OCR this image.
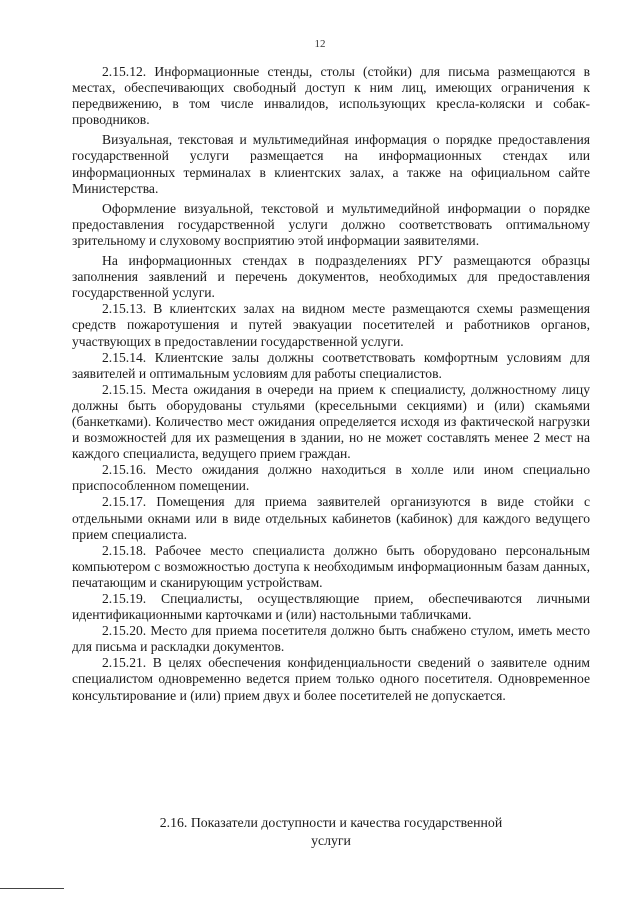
12

2.15.12. Информационные стенды, столы (стойки) для письма размещаются в местах, обеспечивающих свободный доступ к ним лиц, имеющих ограничения к передвижению, в том числе инвалидов, использующих кресла-коляски и собак-проводников.

Визуальная, текстовая и мультимедийная информация о порядке предоставления государственной услуги размещается на информационных стендах или информационных терминалах в клиентских залах, а также на официальном сайте Министерства.

Оформление визуальной, текстовой и мультимедийной информации о порядке предоставления государственной услуги должно соответствовать оптимальному зрительному и слуховому восприятию этой информации заявителями.

На информационных стендах в подразделениях РГУ размещаются образцы заполнения заявлений и перечень документов, необходимых для предоставления государственной услуги.

2.15.13. В клиентских залах на видном месте размещаются схемы размещения средств пожаротушения и путей эвакуации посетителей и работников органов, участвующих в предоставлении государственной услуги.

2.15.14. Клиентские залы должны соответствовать комфортным условиям для заявителей и оптимальным условиям для работы специалистов.

2.15.15. Места ожидания в очереди на прием к специалисту, должностному лицу должны быть оборудованы стульями (кресельными секциями) и (или) скамьями (банкетками). Количество мест ожидания определяется исходя из фактической нагрузки и возможностей для их размещения в здании, но не может составлять менее 2 мест на каждого специалиста, ведущего прием граждан.

2.15.16. Место ожидания должно находиться в холле или ином специально приспособленном помещении.

2.15.17. Помещения для приема заявителей организуются в виде стойки с отдельными окнами или в виде отдельных кабинетов (кабинок) для каждого ведущего прием специалиста.

2.15.18. Рабочее место специалиста должно быть оборудовано персональным компьютером с возможностью доступа к необходимым информационным базам данных, печатающим и сканирующим устройствам.

2.15.19. Специалисты, осуществляющие прием, обеспечиваются личными идентификационными карточками и (или) настольными табличками.

2.15.20. Место для приема посетителя должно быть снабжено стулом, иметь место для письма и раскладки документов.

2.15.21. В целях обеспечения конфиденциальности сведений о заявителе одним специалистом одновременно ведется прием только одного посетителя. Одновременное консультирование и (или) прием двух и более посетителей не допускается.

2.16. Показатели доступности и качества государственной
услуги
